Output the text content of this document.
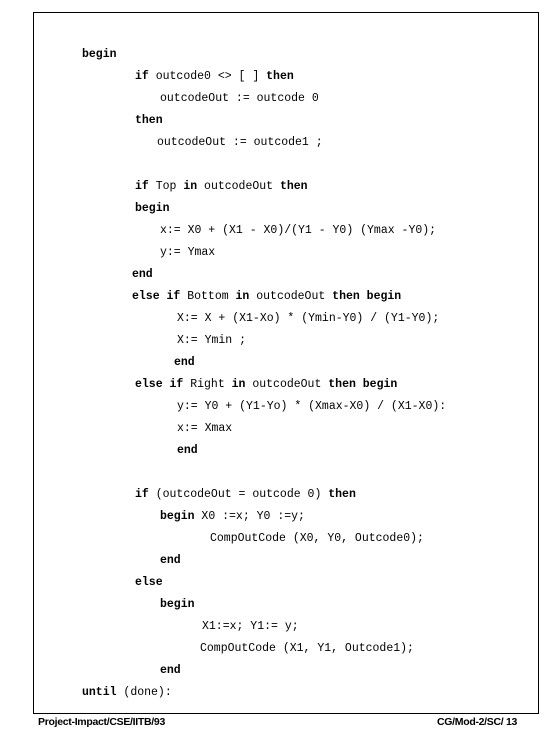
begin
if outcode0 <> [ ] then
outcodeOut := outcode 0
then
outcodeOut := outcode1 ;
if Top in outcodeOut then
begin
x:= X0 + (X1 - X0)/(Y1 - Y0) (Ymax -Y0);
y:= Ymax
end
else if Bottom in outcodeOut then begin
X:= X + (X1-Xo) * (Ymin-Y0) / (Y1-Y0);
X:= Ymin ;
end
else if Right in outcodeOut then begin
y:= Y0 + (Y1-Yo) * (Xmax-X0) / (X1-X0):
x:= Xmax
end
if (outcodeOut = outcode 0) then
begin X0 :=x; Y0 :=y;
CompOutCode (X0, Y0, Outcode0);
end
else
begin
X1:=x; Y1:= y;
CompOutCode (X1, Y1, Outcode1);
end
until (done):
Project-Impact/CSE/IITB/93	CG/Mod-2/SC/ 13
